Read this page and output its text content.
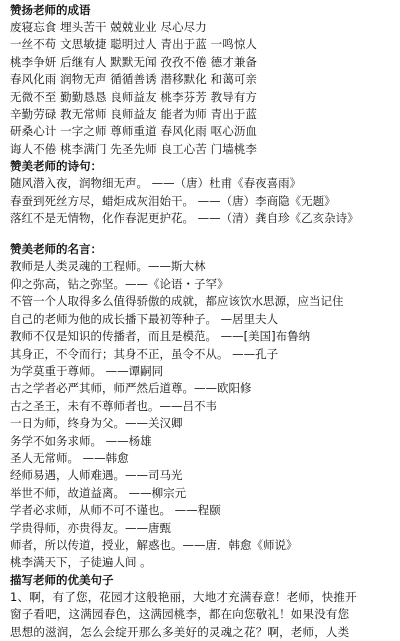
赞扬老师的成语
废寝忘食 埋头苦干 兢兢业业 尽心尽力
一丝不苟 文思敏捷 聪明过人 青出于蓝 一鸣惊人
桃李争妍 后继有人 默默无闻 孜孜不倦 德才兼备
春风化雨 润物无声 循循善诱 潜移默化 和蔼可亲
无微不至 勤勤恳恳 良师益友 桃李芬芳 教导有方
辛勤劳碌 教无常师 良师益友 能者为师 青出于蓝
研桑心计 一字之师 尊师重道 春风化雨 呕心沥血
诲人不倦 桃李满门 先圣先师 良工心苦 门墙桃李
赞美老师的诗句：
随风潜入夜，润物细无声。 ——（唐）杜甫《春夜喜雨》
春蚕到死丝方尽，蜡炬成灰泪始干。 ——（唐）李商隐《无题》
落红不是无情物，化作春泥更护花。 ——（清）龚自珍《乙亥杂诗》
赞美老师的名言：
教师是人类灵魂的工程师。——斯大林
仰之弥高，钻之弥坚。——《论语・子罕》
不管一个人取得多么值得骄傲的成就，都应该饮水思源，应当记住
自己的老师为他的成长播下最初等种子。 —居里夫人
教师不仅是知识的传播者，而且是模范。 ——[美国]布鲁纳
其身正，不令而行；其身不正，虽令不从。 ——孔子
为学莫重于尊师。 ——谭嗣同
古之学者必严其师，师严然后道尊。——欧阳修
古之圣王，未有不尊师者也。——吕不韦
一日为师，终身为父。——关汉卿
务学不如务求师。 ——杨雄
圣人无常师。 ——韩愈
经师易遇，人师难遇。——司马光
举世不师，故道益离。 ——柳宗元
学者必求师，从师不可不谨也。 ——程颐
学贵得师，亦贵得友。——唐甄
师者，所以传道，授业，解惑也。——唐．韩愈《师说》
桃李满天下，子徒遍人间 。
描写老师的优美句子
1、啊，有了您，花园才这般艳丽，大地才充满春意！老师，快推开
窗子看吧，这满园春色，这满园桃李，都在向您敬礼！如果没有您
思想的滋润，怎么会绽开那么多美好的灵魂之花？啊，老师，人类
